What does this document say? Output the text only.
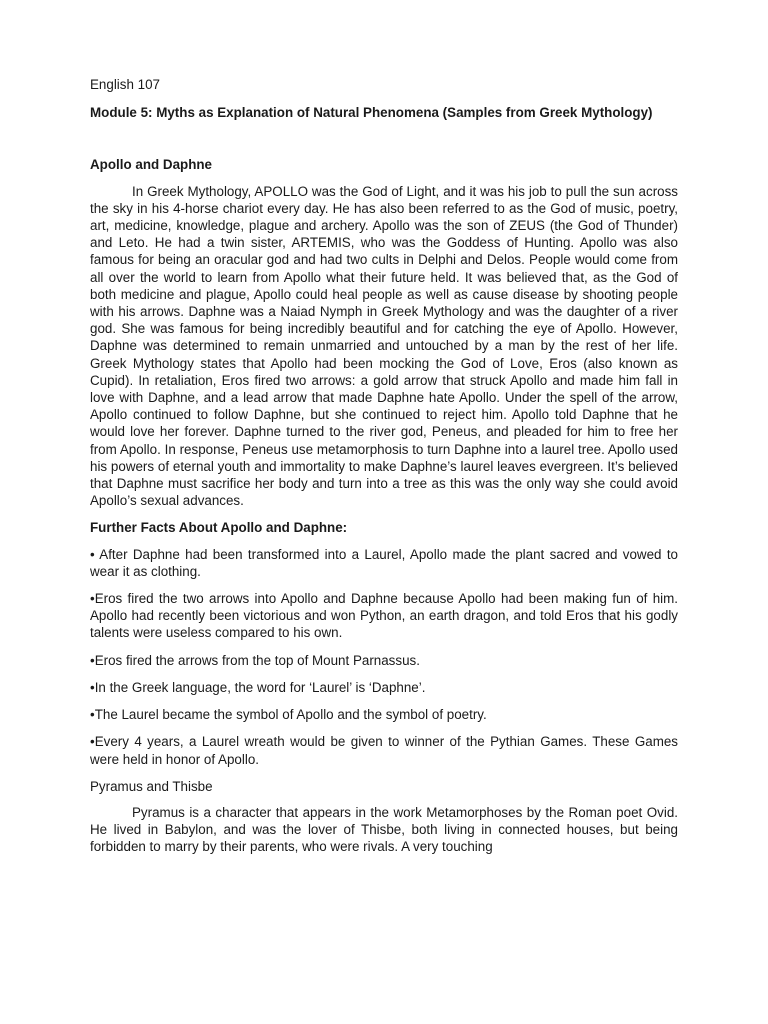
English 107

Module 5: Myths as Explanation of Natural Phenomena (Samples from Greek Mythology)

Apollo and Daphne

In Greek Mythology, APOLLO was the God of Light, and it was his job to pull the sun across the sky in his 4-horse chariot every day. He has also been referred to as the God of music, poetry, art, medicine, knowledge, plague and archery. Apollo was the son of ZEUS (the God of Thunder) and Leto. He had a twin sister, ARTEMIS, who was the Goddess of Hunting. Apollo was also famous for being an oracular god and had two cults in Delphi and Delos. People would come from all over the world to learn from Apollo what their future held. It was believed that, as the God of both medicine and plague, Apollo could heal people as well as cause disease by shooting people with his arrows. Daphne was a Naiad Nymph in Greek Mythology and was the daughter of a river god. She was famous for being incredibly beautiful and for catching the eye of Apollo. However, Daphne was determined to remain unmarried and untouched by a man by the rest of her life. Greek Mythology states that Apollo had been mocking the God of Love, Eros (also known as Cupid). In retaliation, Eros fired two arrows: a gold arrow that struck Apollo and made him fall in love with Daphne, and a lead arrow that made Daphne hate Apollo. Under the spell of the arrow, Apollo continued to follow Daphne, but she continued to reject him. Apollo told Daphne that he would love her forever. Daphne turned to the river god, Peneus, and pleaded for him to free her from Apollo. In response, Peneus use metamorphosis to turn Daphne into a laurel tree. Apollo used his powers of eternal youth and immortality to make Daphne’s laurel leaves evergreen. It’s believed that Daphne must sacrifice her body and turn into a tree as this was the only way she could avoid Apollo’s sexual advances.

Further Facts About Apollo and Daphne:

• After Daphne had been transformed into a Laurel, Apollo made the plant sacred and vowed to wear it as clothing.

•Eros fired the two arrows into Apollo and Daphne because Apollo had been making fun of him. Apollo had recently been victorious and won Python, an earth dragon, and told Eros that his godly talents were useless compared to his own.

•Eros fired the arrows from the top of Mount Parnassus.

•In the Greek language, the word for ‘Laurel’ is ‘Daphne’.

•The Laurel became the symbol of Apollo and the symbol of poetry.

•Every 4 years, a Laurel wreath would be given to winner of the Pythian Games. These Games were held in honor of Apollo.

Pyramus and Thisbe

Pyramus is a character that appears in the work Metamorphoses by the Roman poet Ovid. He lived in Babylon, and was the lover of Thisbe, both living in connected houses, but being forbidden to marry by their parents, who were rivals. A very touching
